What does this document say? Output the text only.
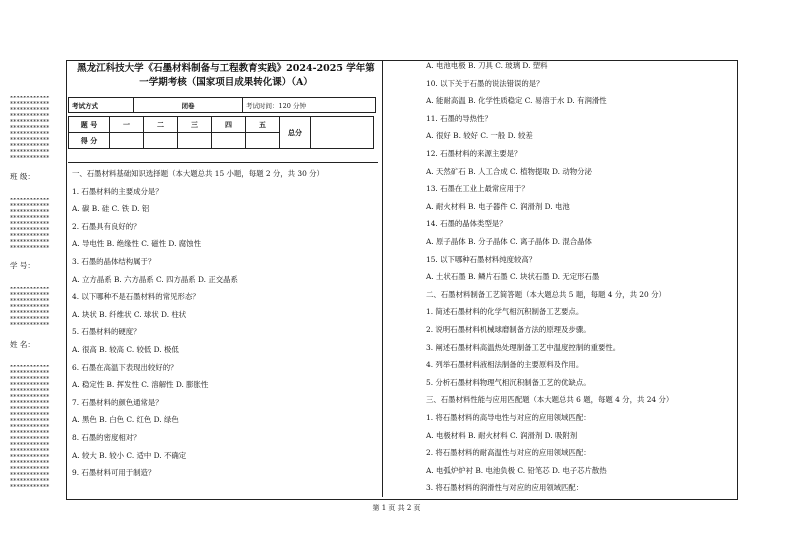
************
************
************
************
************
************
************
************
************
************
************
班 级：
************
************
************
************
************
************
************
************
************
学 号：
************
************
************
************
************
************
************
姓 名：
************
************
************
************
************
************
************
************
************
************
************
************
************
************
************
************
************
************
************
************
************
黑龙江科技大学《石墨材料制备与工程教育实践》2024-2025 学年第
一学期考核（国家项目成果转化课）（A）
考试方式	闭卷	考试时间：120 分钟
题 号	一	二	三	四	五	总分	
得 分							
一、石墨材料基础知识选择题（本大题总共 15 小题，每题 2 分，共 30 分）
1. 石墨材料的主要成分是？
A. 碳 B. 硅 C. 铁 D. 铝
2. 石墨具有良好的？
A. 导电性 B. 绝缘性 C. 磁性 D. 腐蚀性
3. 石墨的晶体结构属于？
A. 立方晶系 B. 六方晶系 C. 四方晶系 D. 正交晶系
4. 以下哪种不是石墨材料的常见形态？
A. 块状 B. 纤维状 C. 球状 D. 柱状
5. 石墨材料的硬度？
A. 很高 B. 较高 C. 较低 D. 极低
6. 石墨在高温下表现出较好的？
A. 稳定性 B. 挥发性 C. 溶解性 D. 膨胀性
7. 石墨材料的颜色通常是？
A. 黑色 B. 白色 C. 红色 D. 绿色
8. 石墨的密度相对？
A. 较大 B. 较小 C. 适中 D. 不确定
9. 石墨材料可用于制造？
A. 电池电极 B. 刀具 C. 玻璃 D. 塑料
10. 以下关于石墨的说法错误的是？
A. 能耐高温 B. 化学性质稳定 C. 易溶于水 D. 有润滑性
11. 石墨的导热性？
A. 很好 B. 较好 C. 一般 D. 较差
12. 石墨材料的来源主要是？
A. 天然矿石 B. 人工合成 C. 植物提取 D. 动物分泌
13. 石墨在工业上最常应用于？
A. 耐火材料 B. 电子器件 C. 润滑剂 D. 电池
14. 石墨的晶体类型是？
A. 原子晶体 B. 分子晶体 C. 离子晶体 D. 混合晶体
15. 以下哪种石墨材料纯度较高？
A. 土状石墨 B. 鳞片石墨 C. 块状石墨 D. 无定形石墨
二、石墨材料制备工艺简答题（本大题总共 5 题，每题 4 分，共 20 分）
1. 简述石墨材料的化学气相沉积制备工艺要点。
2. 说明石墨材料机械球磨制备方法的原理及步骤。
3. 阐述石墨材料高温热处理制备工艺中温度控制的重要性。
4. 列举石墨材料液相法制备的主要原料及作用。
5. 分析石墨材料物理气相沉积制备工艺的优缺点。
三、石墨材料性能与应用匹配题（本大题总共 6 题，每题 4 分，共 24 分）
1. 将石墨材料的高导电性与对应的应用领域匹配：
A. 电极材料 B. 耐火材料 C. 润滑剂 D. 吸附剂
2. 将石墨材料的耐高温性与对应的应用领域匹配：
A. 电弧炉炉衬 B. 电池负极 C. 铅笔芯 D. 电子芯片散热
3. 将石墨材料的润滑性与对应的应用领域匹配：
第 1 页 共 2 页
